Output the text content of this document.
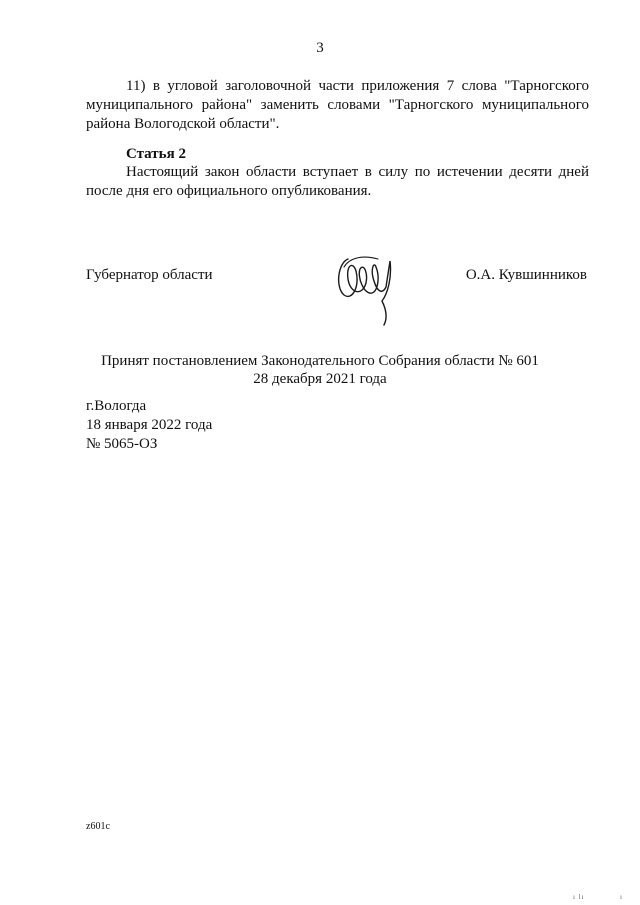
3
11) в угловой заголовочной части приложения 7 слова "Тарногского
муниципального района" заменить словами "Тарногского муниципального
района Вологодской области".
Статья 2
Настоящий закон области вступает в силу по истечении десяти дней
после дня его официального опубликования.
Губернатор области	О.А. Кувшинников
Принят постановлением Законодательного Собрания области № 601
28 декабря 2021 года
г.Вологда
18 января 2022 года
№ 5065-ОЗ
z601c
ı lı	ı
